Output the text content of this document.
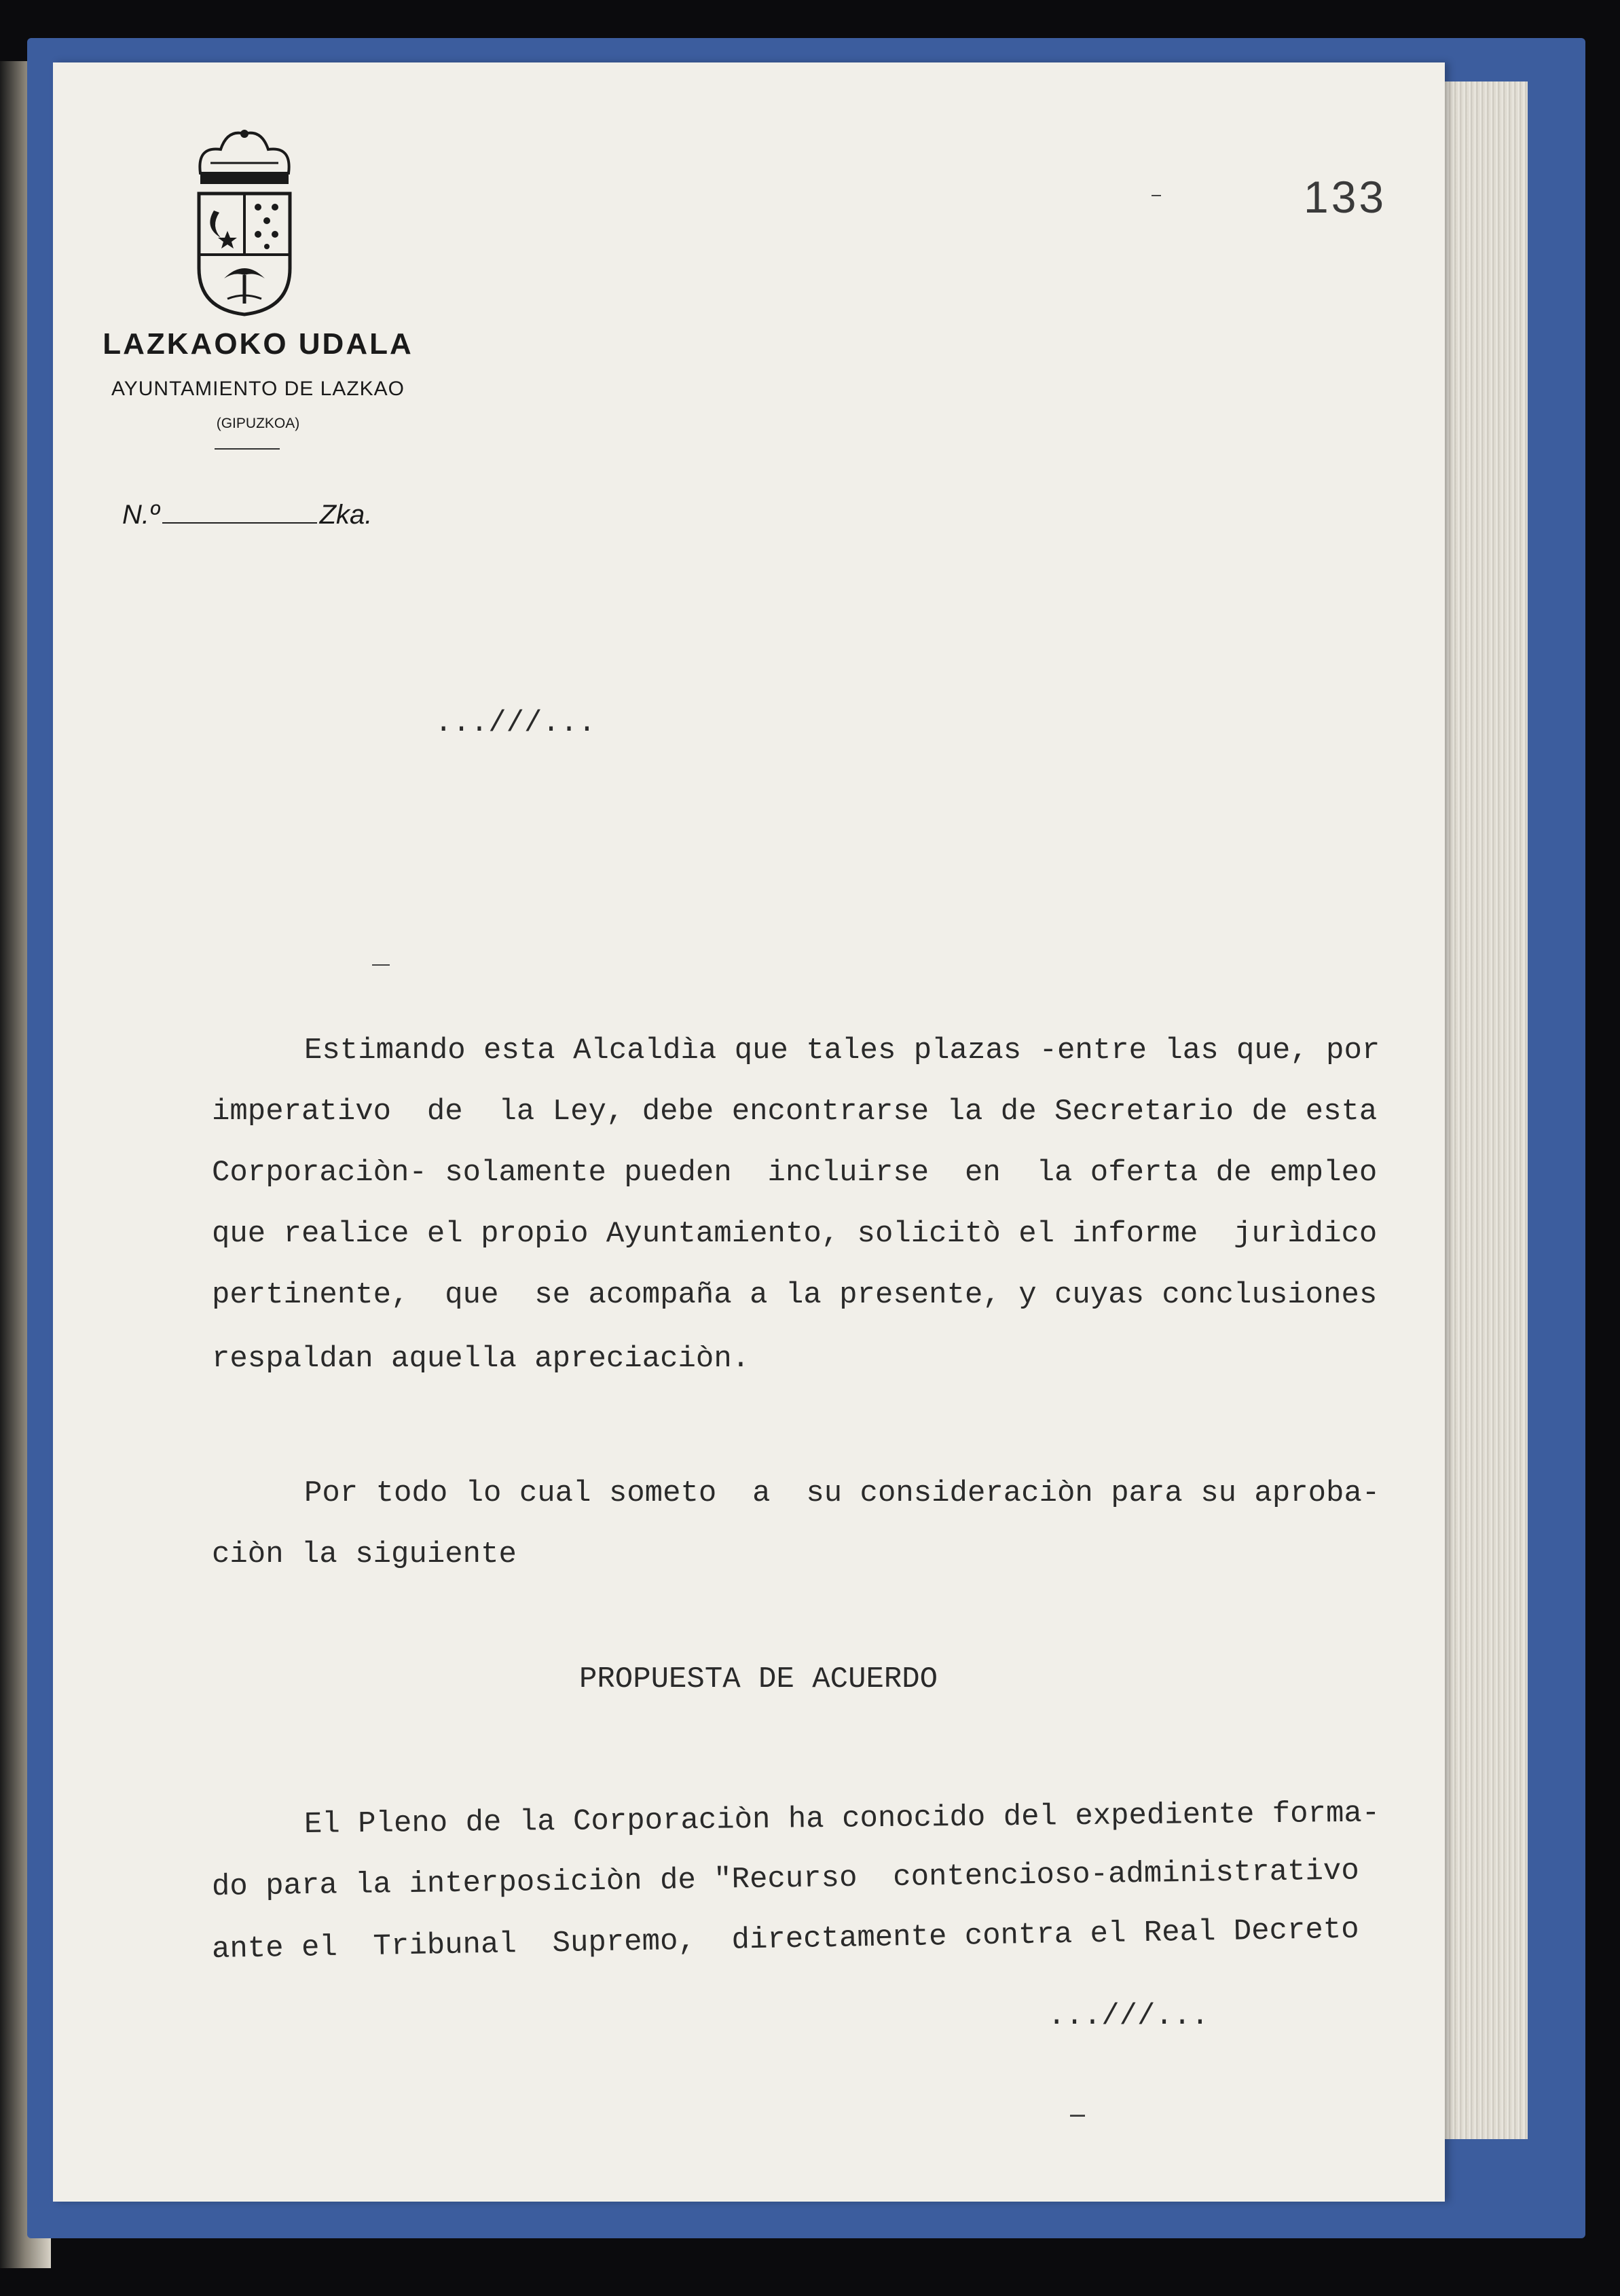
LAZKAOKO UDALA
AYUNTAMIENTO DE LAZKAO
(GIPUZKOA)
N.º	Zka.
133
...///...
Estimando esta Alcaldìa que tales plazas -entre las que, por
imperativo  de  la Ley, debe encontrarse la de Secretario de esta
Corporaciòn- solamente pueden  incluirse  en  la oferta de empleo
que realice el propio Ayuntamiento, solicitò el informe  jurìdico
pertinente,  que  se acompaña a la presente, y cuyas conclusiones
respaldan aquella apreciaciòn.
Por todo lo cual someto  a  su consideraciòn para su aproba-
ciòn la siguiente
PROPUESTA DE ACUERDO
El Pleno de la Corporaciòn ha conocido del expediente forma-
do para la interposiciòn de "Recurso  contencioso-administrativo
ante el  Tribunal  Supremo,  directamente contra el Real Decreto
...///...
